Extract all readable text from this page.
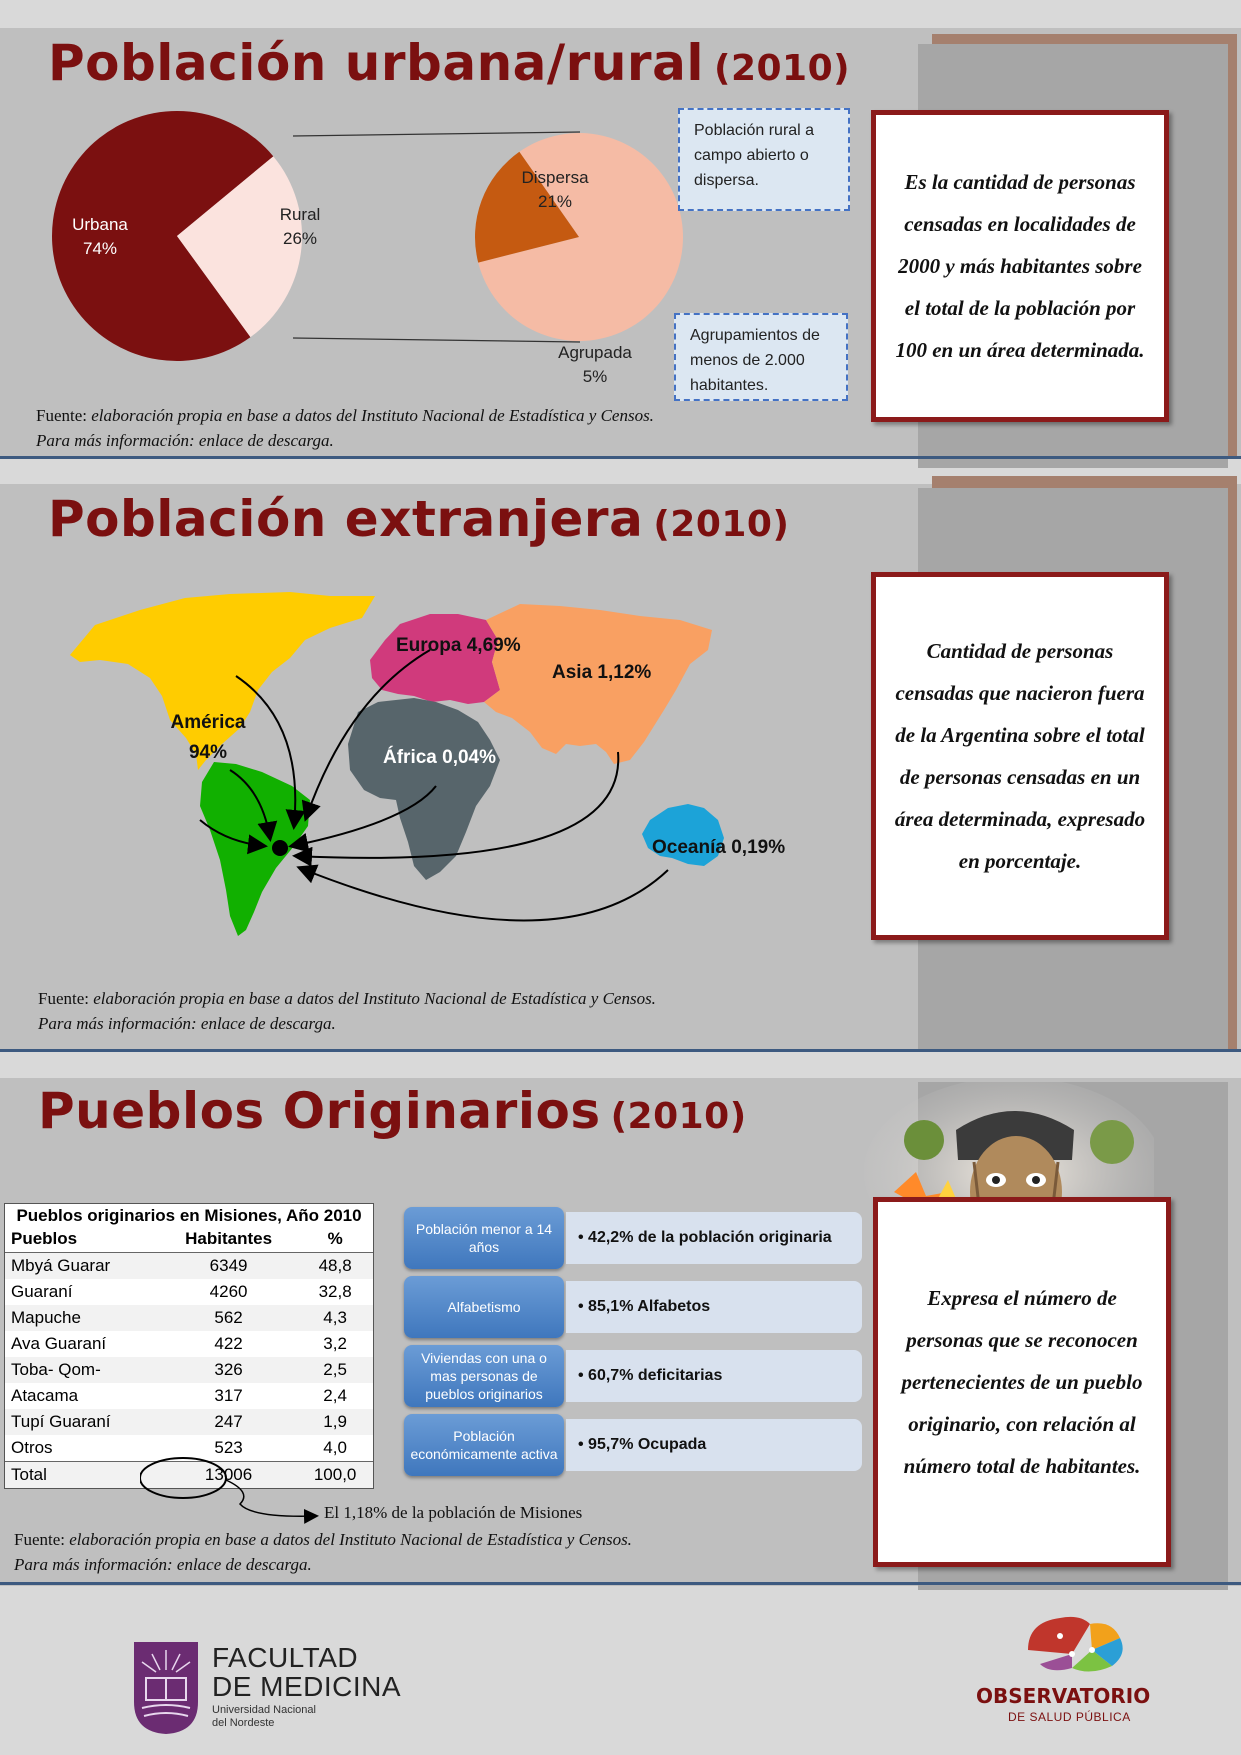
Población urbana/rural (2010)
Urbana
74%
Rural
26%
Dispersa
21%
Agrupada
5%
Población rural a campo abierto o dispersa.
Agrupamientos de menos de 2.000 habitantes.

Es la cantidad de personas censadas en localidades de 2000 y más habitantes sobre el total de la población por 100 en un área determinada.

Fuente: elaboración propia en base a datos del Instituto Nacional de Estadística y Censos.
Para más información: enlace de descarga.
Población extranjera (2010)
América
94%
Europa 4,69%
Asia 1,12%
África 0,04%
Oceanía 0,19%

Cantidad de personas censadas que nacieron fuera de la Argentina sobre el total de personas censadas en un área determinada, expresado en porcentaje.

Fuente: elaboración propia en base a datos del Instituto Nacional de Estadística y Censos.
Para más información: enlace de descarga.
Pueblos Originarios (2010)
Pueblos originarios en Misiones, Año 2010
Pueblos	Habitantes	%
Mbyá Guarar	6349	48,8
Guaraní	4260	32,8
Mapuche	562	4,3
Ava Guaraní	422	3,2
Toba- Qom-	326	2,5
Atacama	317	2,4
Tupí Guaraní	247	1,9
Otros	523	4,0
Total	13006	100,0
El 1,18% de la población de Misiones
Población menor a 14 años
• 42,2% de la población originaria
Alfabetismo	• 85,1% Alfabetos
Viviendas con una o mas personas de pueblos originarios
• 60,7% deficitarias
Población económicamente activa
• 95,7% Ocupada

Expresa el número de personas que se reconocen pertenecientes de un pueblo originario, con relación al número total de habitantes.

Fuente: elaboración propia en base a datos del Instituto Nacional de Estadística y Censos.
Para más información: enlace de descarga.
FACULTAD
DE MEDICINA
Universidad Nacional
del Nordeste
OBSERVATORIO
DE SALUD PÚBLICA
